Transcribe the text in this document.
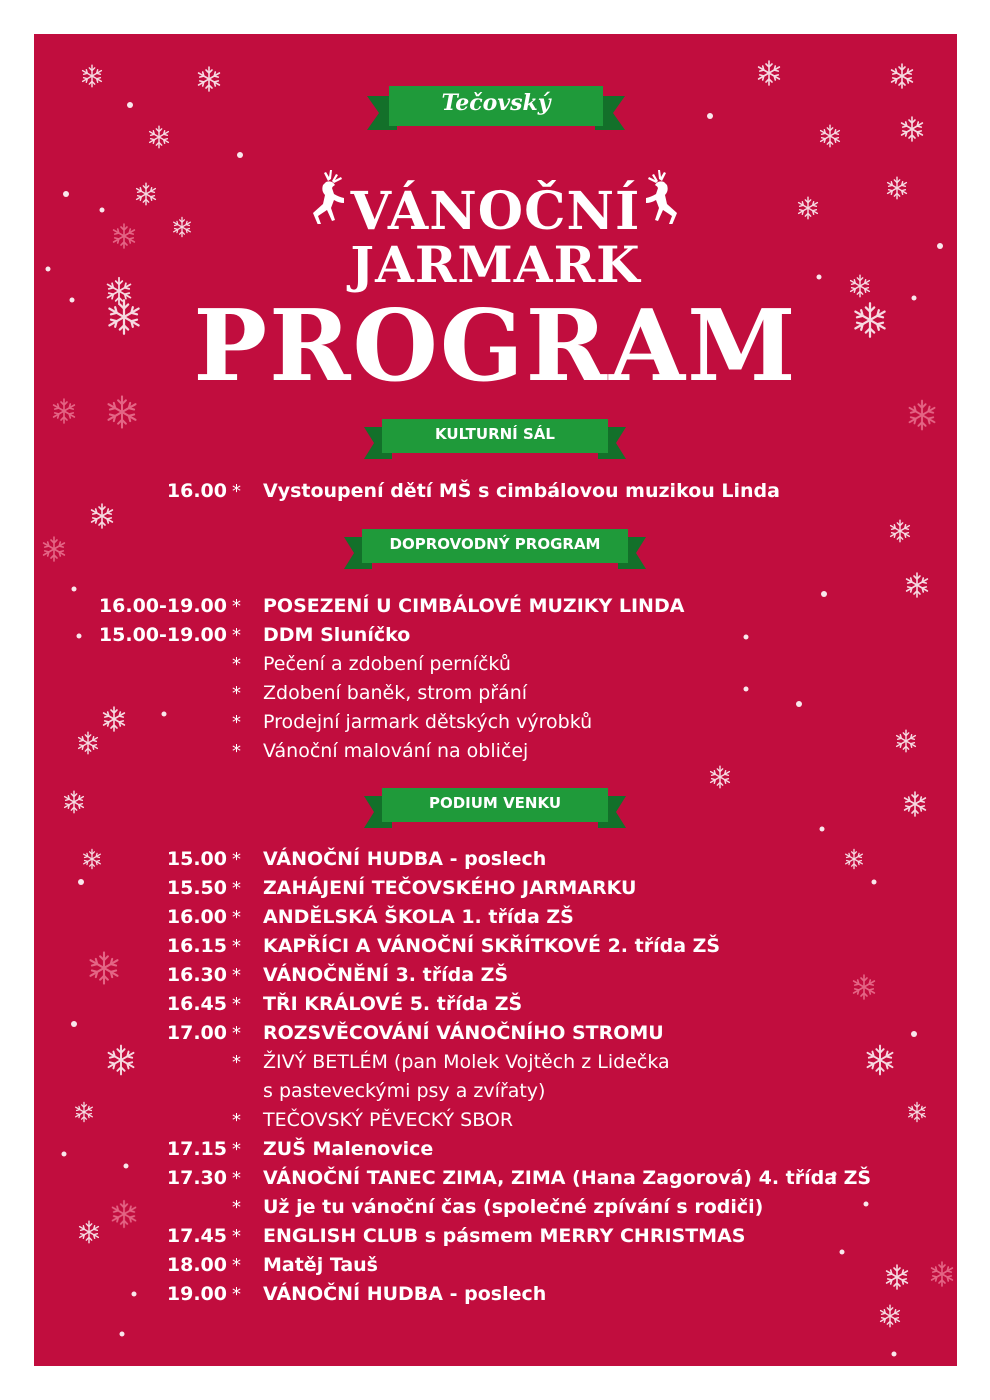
Tečovský
VÁNOČNÍ
JARMARK
PROGRAM
KULTURNÍ SÁL
DOPROVODNÝ PROGRAM
PODIUM VENKU
16.00 * Vystoupení dětí MŠ s cimbálovou muzikou Linda
16.00-19.00 * POSEZENÍ U CIMBÁLOVÉ MUZIKY LINDA
15.00-19.00 * DDM Sluníčko
* Pečení a zdobení perníčků
* Zdobení baněk, strom přání
* Prodejní jarmark dětských výrobků
* Vánoční malování na obličej
15.00 * VÁNOČNÍ HUDBA - poslech
15.50 * ZAHÁJENÍ TEČOVSKÉHO JARMARKU
16.00 * ANDĚLSKÁ ŠKOLA 1. třída ZŠ
16.15 * KAPŘÍCI A VÁNOČNÍ SKŘÍTKOVÉ 2. třída ZŠ
16.30 * VÁNOČNĚNÍ 3. třída ZŠ
16.45 * TŘI KRÁLOVÉ 5. třída ZŠ
17.00 * ROZSVĚCOVÁNÍ VÁNOČNÍHO STROMU
* ŽIVÝ BETLÉM (pan Molek Vojtěch z Lidečka
s pasteveckými psy a zvířaty)
* TEČOVSKÝ PĚVECKÝ SBOR
17.15 * ZUŠ Malenovice
17.30 * VÁNOČNÍ TANEC ZIMA, ZIMA (Hana Zagorová) 4. třída ZŠ
* Už je tu vánoční čas (společné zpívání s rodiči)
17.45 * ENGLISH CLUB s pásmem MERRY CHRISTMAS
18.00 * Matěj Tauš
19.00 * VÁNOČNÍ HUDBA - poslech
